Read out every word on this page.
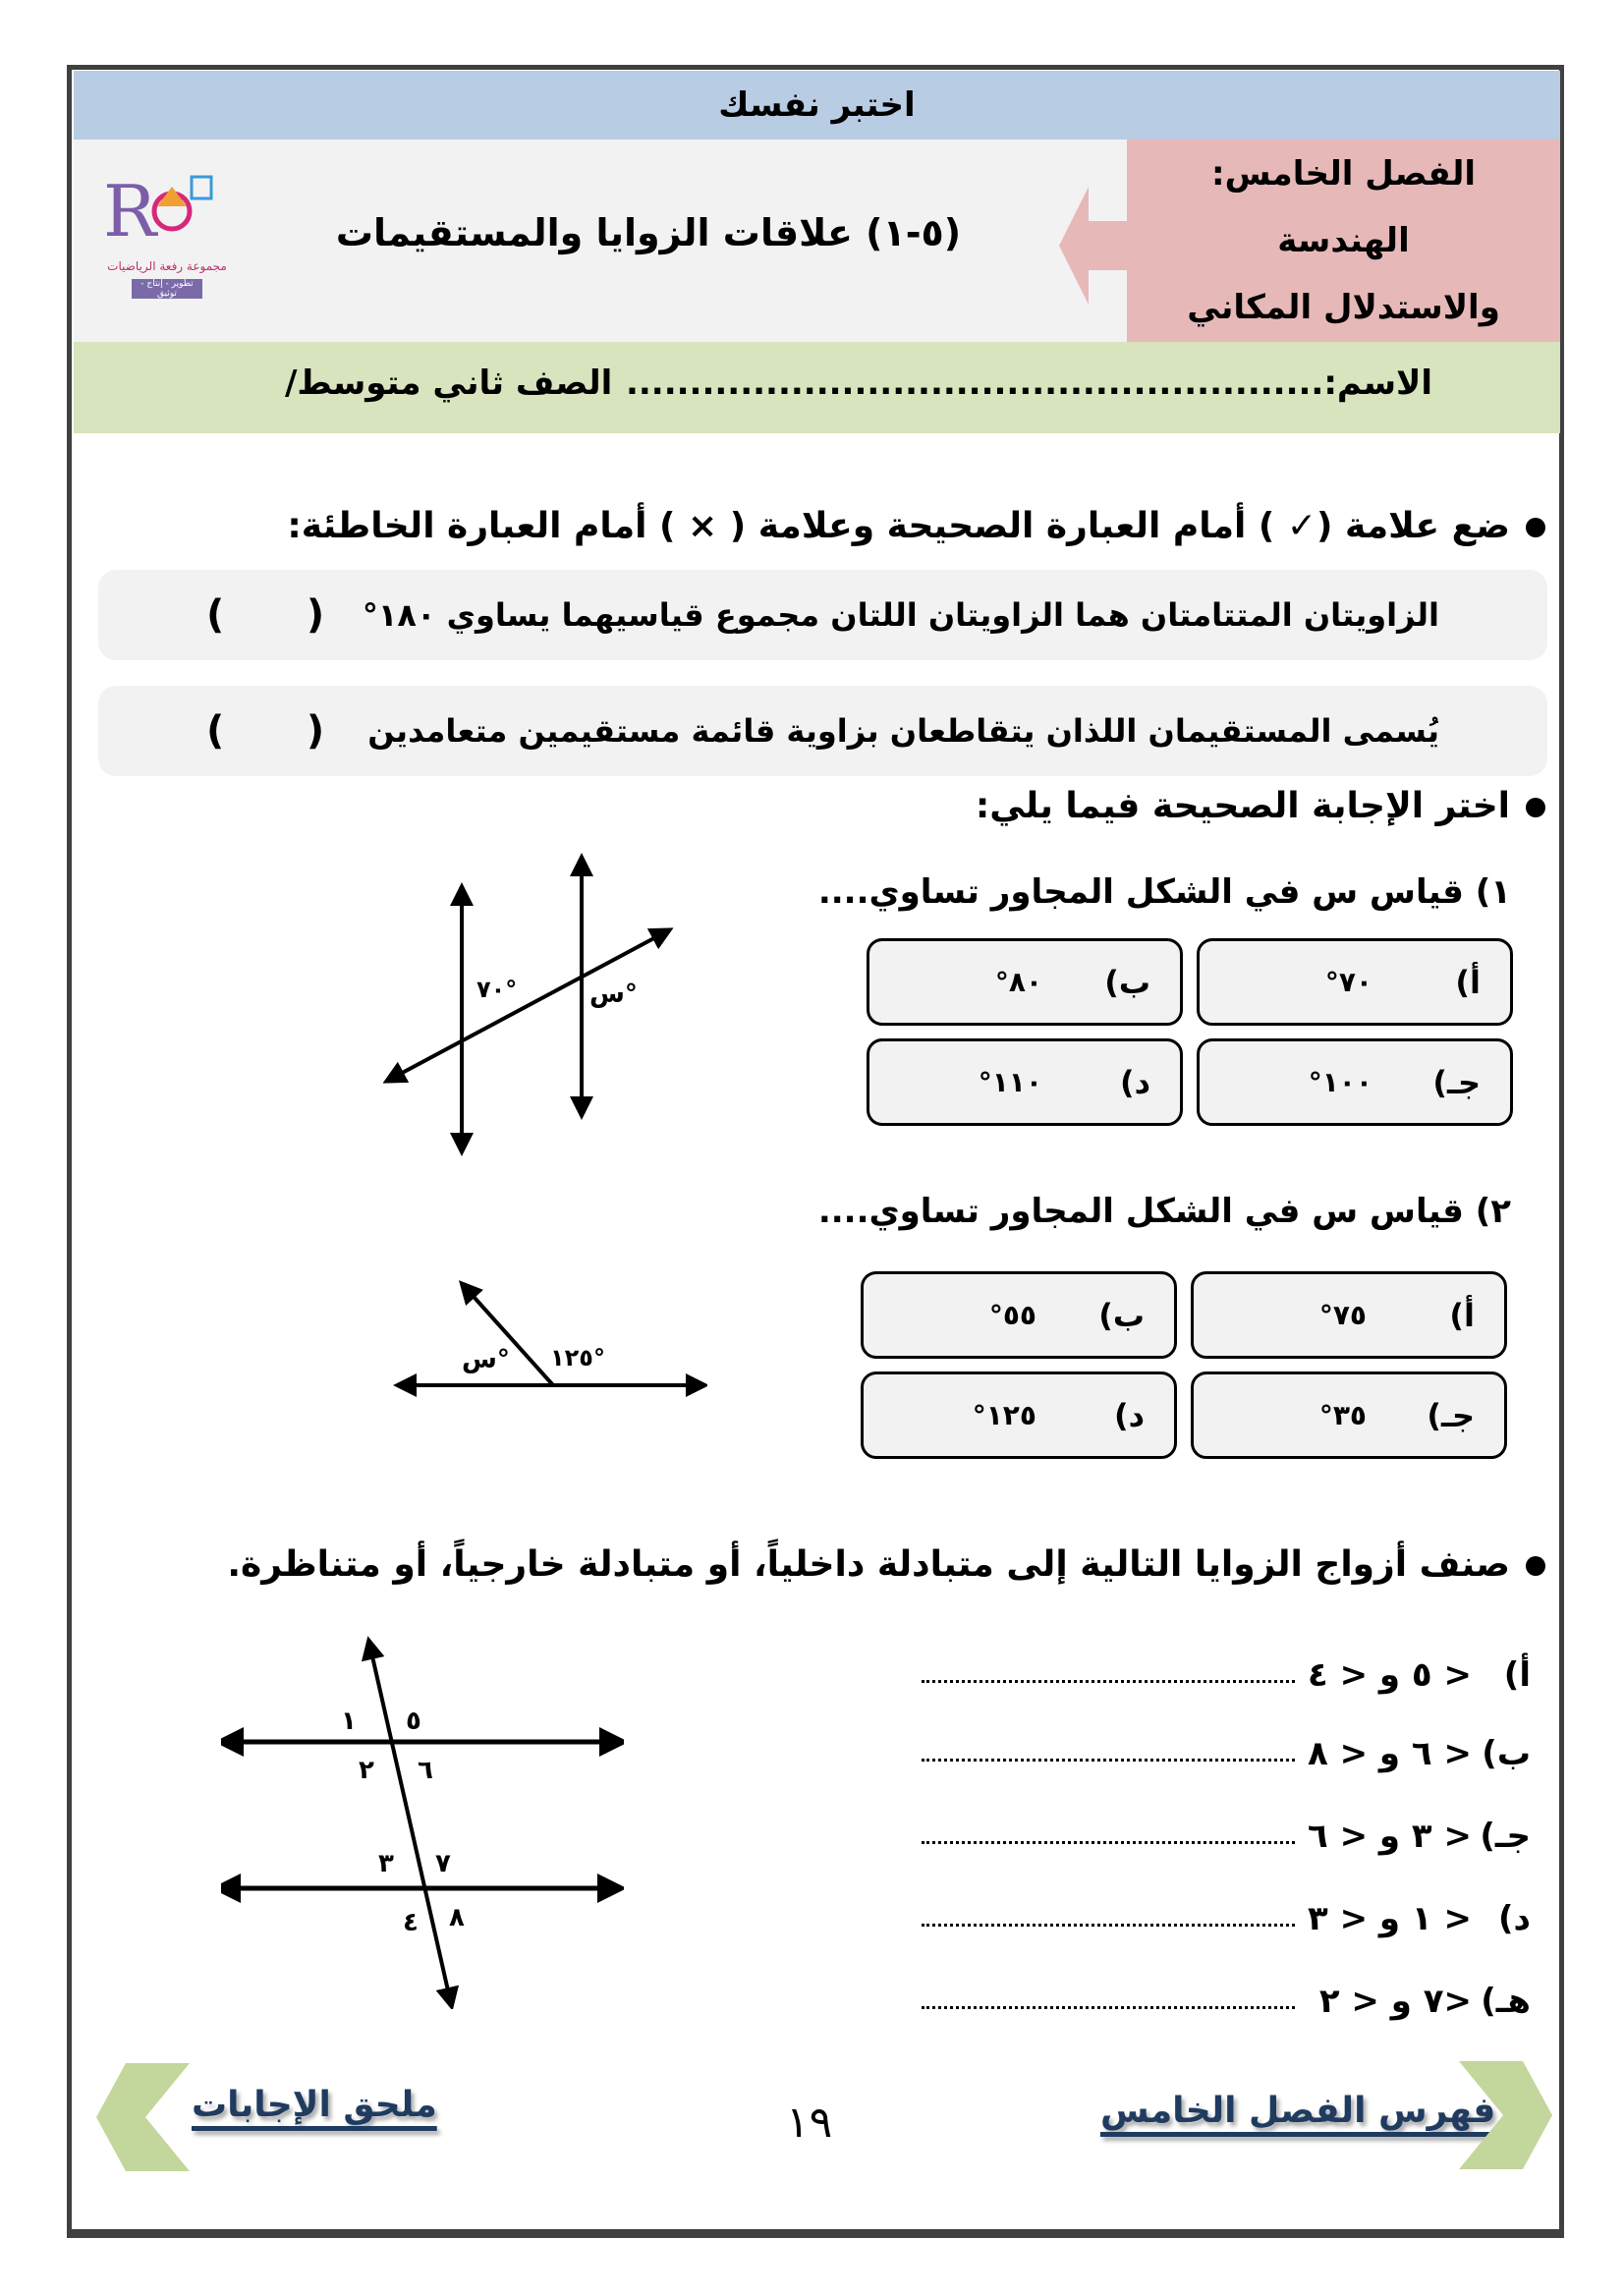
اختبر نفسك
الفصل الخامس:
الهندسة
والاستدلال المكاني
(٥-١) علاقات الزوايا والمستقيمات
R
مجموعة رفعة الرياضيات
تطوير - إنتاج - توثيق
الاسم:.......................................................
الصف ثاني متوسط/
ضع علامة (✓ ) أمام العبارة الصحيحة وعلامة ( × ) أمام العبارة الخاطئة:
الزاويتان المتتامتان هما الزاويتان اللتان مجموع قياسيهما يساوي ١٨٠°
(      )
يُسمى المستقيمان اللذان يتقاطعان بزاوية قائمة مستقيمين متعامدين
(      )
اختر الإجابة الصحيحة فيما يلي:
١) قياس س في الشكل المجاور تساوي....
أ)
٧٠°
ب)
٨٠°
جـ)
١٠٠°
د)
١١٠°
٧٠°	س°
٢) قياس س في الشكل المجاور تساوي....
أ)
٧٥°
ب)
٥٥°
جـ)
٣٥°
د)
١٢٥°
س° ١٢٥°
صنف أزواج الزوايا التالية إلى متبادلة داخلياً، أو متبادلة خارجياً، أو متناظرة.
أ)
< ٥ و < ٤
ب)
< ٦ و < ٨
جـ)
< ٣ و < ٦
د)
< ١ و < ٣
هـ)
<٧ و < ٢
١ ٥
٢ ٦
٣ ٧
٤ ٨
ملحق الإجابات	١٩	فهرس الفصل الخامس
